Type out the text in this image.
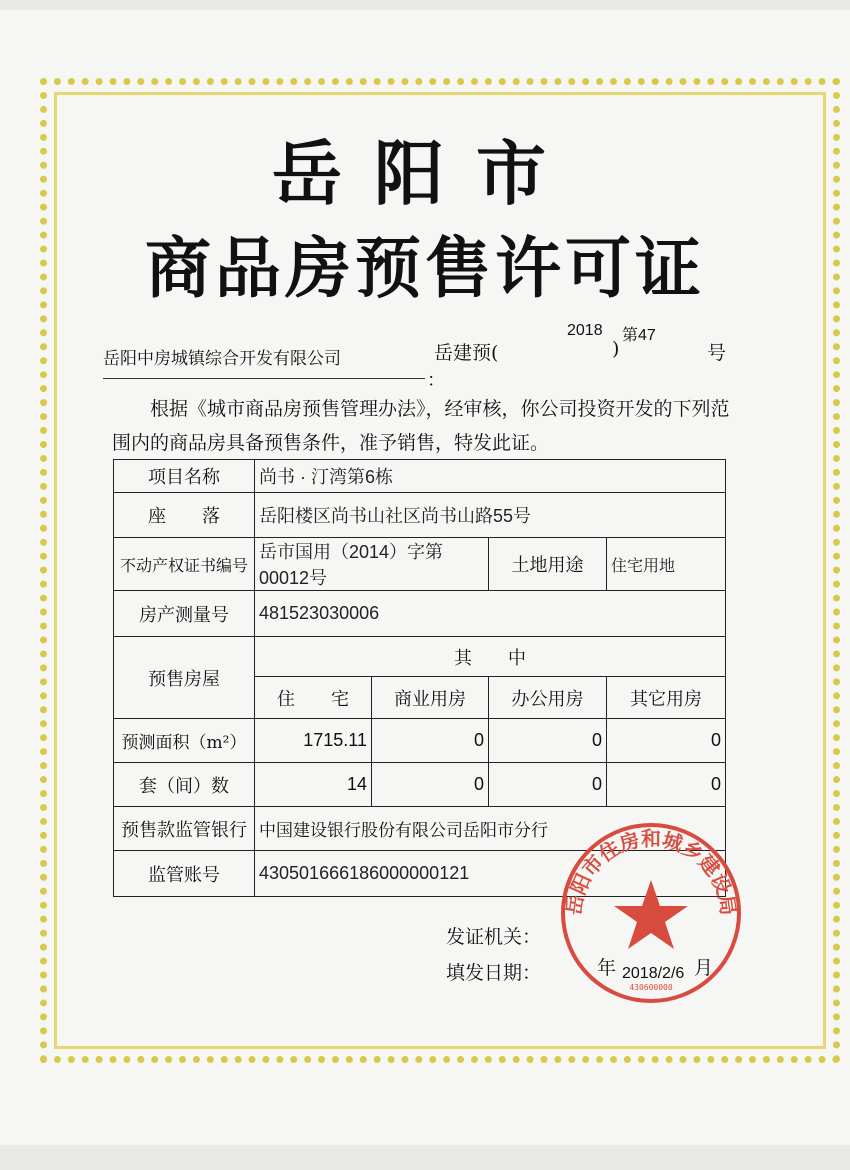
岳阳市
商品房预售许可证
岳阳中房城镇综合开发有限公司
：
岳建预(
2018
)
第47
号
根据《城市商品房预售管理办法》，经审核，你公司投资开发的下列范围内的商品房具备预售条件，准予销售，特发此证。
项目名称	尚书 · 汀湾第6栋			
座　　落	岳阳楼区尚书山社区尚书山路55号			
不动产权证书编号	岳市国用（2014）字第00012号		土地用途	住宅用地
房产测量号	481523030006			
预售房屋	其　　中			
	住　　宅	商业用房	办公用房	其它用房
预测面积（m²）	1715.11	0	0	0
套（间）数	14	0	0	0
预售款监管银行	中国建设银行股份有限公司岳阳市分行			
监管账号	430501666186000000121			
发证机关：
填发日期：	年	月
岳阳市住房和城乡建设局
430600000
2018/2/6
